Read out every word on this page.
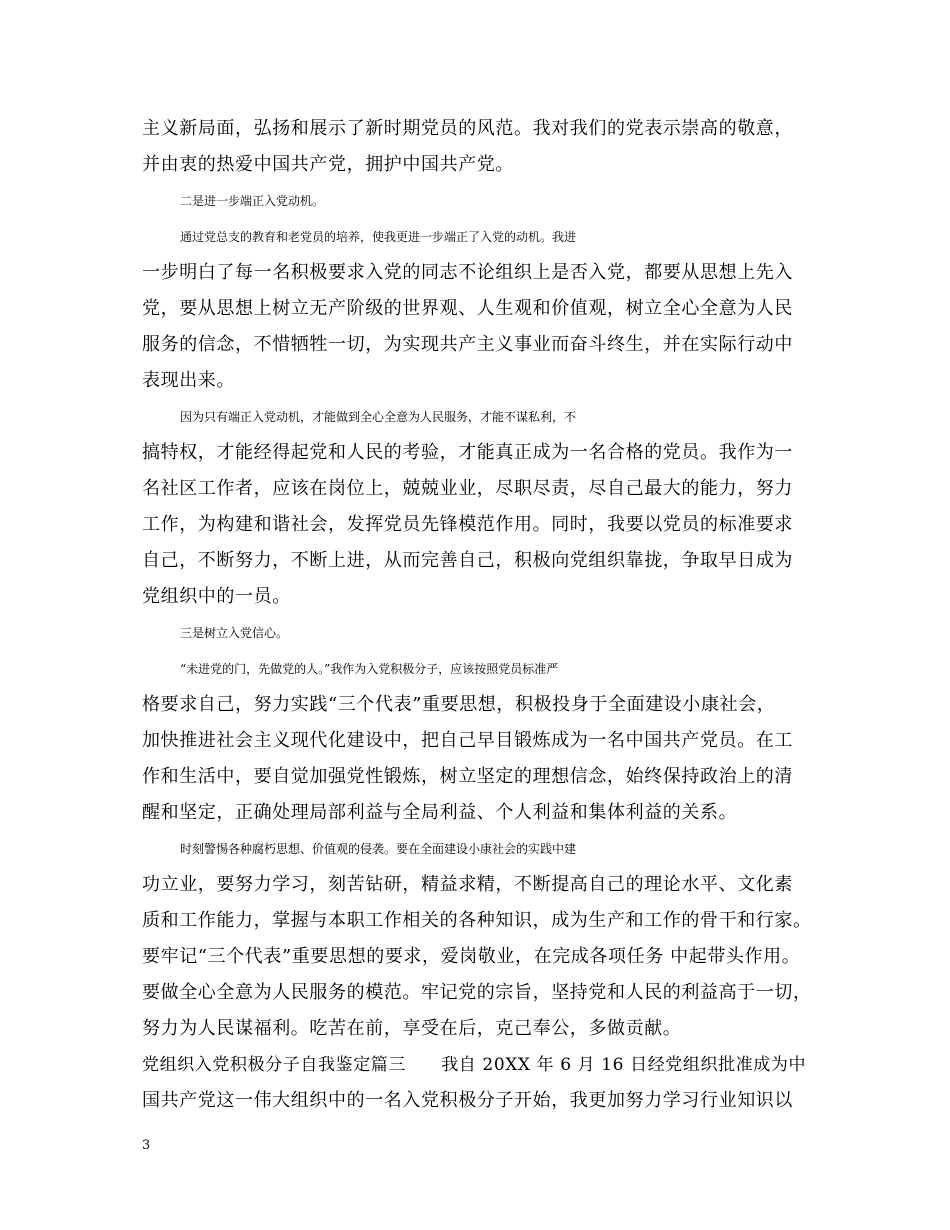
主义新局面，弘扬和展示了新时期党员的风范。我对我们的党表示崇高的敬意，
并由衷的热爱中国共产党，拥护中国共产党。
二是进一步端正入党动机。
通过党总支的教育和老党员的培养，使我更进一步端正了入党的动机。我进
一步明白了每一名积极要求入党的同志不论组织上是否入党，都要从思想上先入
党，要从思想上树立无产阶级的世界观、人生观和价值观，树立全心全意为人民
服务的信念，不惜牺牲一切，为实现共产主义事业而奋斗终生，并在实际行动中
表现出来。
因为只有端正入党动机，才能做到全心全意为人民服务，才能不谋私利，不
搞特权，才能经得起党和人民的考验，才能真正成为一名合格的党员。我作为一
名社区工作者，应该在岗位上，兢兢业业，尽职尽责，尽自己最大的能力，努力
工作，为构建和谐社会，发挥党员先锋模范作用。同时，我要以党员的标准要求
自己，不断努力，不断上进，从而完善自己，积极向党组织靠拢，争取早日成为
党组织中的一员。
三是树立入党信心。
“未进党的门，先做党的人。”我作为入党积极分子，应该按照党员标准严
格要求自己，努力实践“三个代表”重要思想，积极投身于全面建设小康社会，
加快推进社会主义现代化建设中，把自己早目锻炼成为一名中国共产党员。在工
作和生活中，要自觉加强党性锻炼，树立坚定的理想信念，始终保持政治上的清
醒和坚定，正确处理局部利益与全局利益、个人利益和集体利益的关系。
时刻警惕各种腐朽思想、价值观的侵袭。要在全面建设小康社会的实践中建
功立业，要努力学习，刻苦钻研，精益求精，不断提高自己的理论水平、文化素
质和工作能力，掌握与本职工作相关的各种知识，成为生产和工作的骨干和行家。
要牢记“三个代表”重要思想的要求，爱岗敬业，在完成各项任务 中起带头作用。
要做全心全意为人民服务的模范。牢记党的宗旨，坚持党和人民的利益高于一切，
努力为人民谋福利。吃苦在前，享受在后，克己奉公，多做贡献。
党组织入党积极分子自我鉴定篇三　　我自 20XX 年 6 月 16 日经党组织批准成为中
国共产党这一伟大组织中的一名入党积极分子开始，我更加努力学习行业知识以
3
